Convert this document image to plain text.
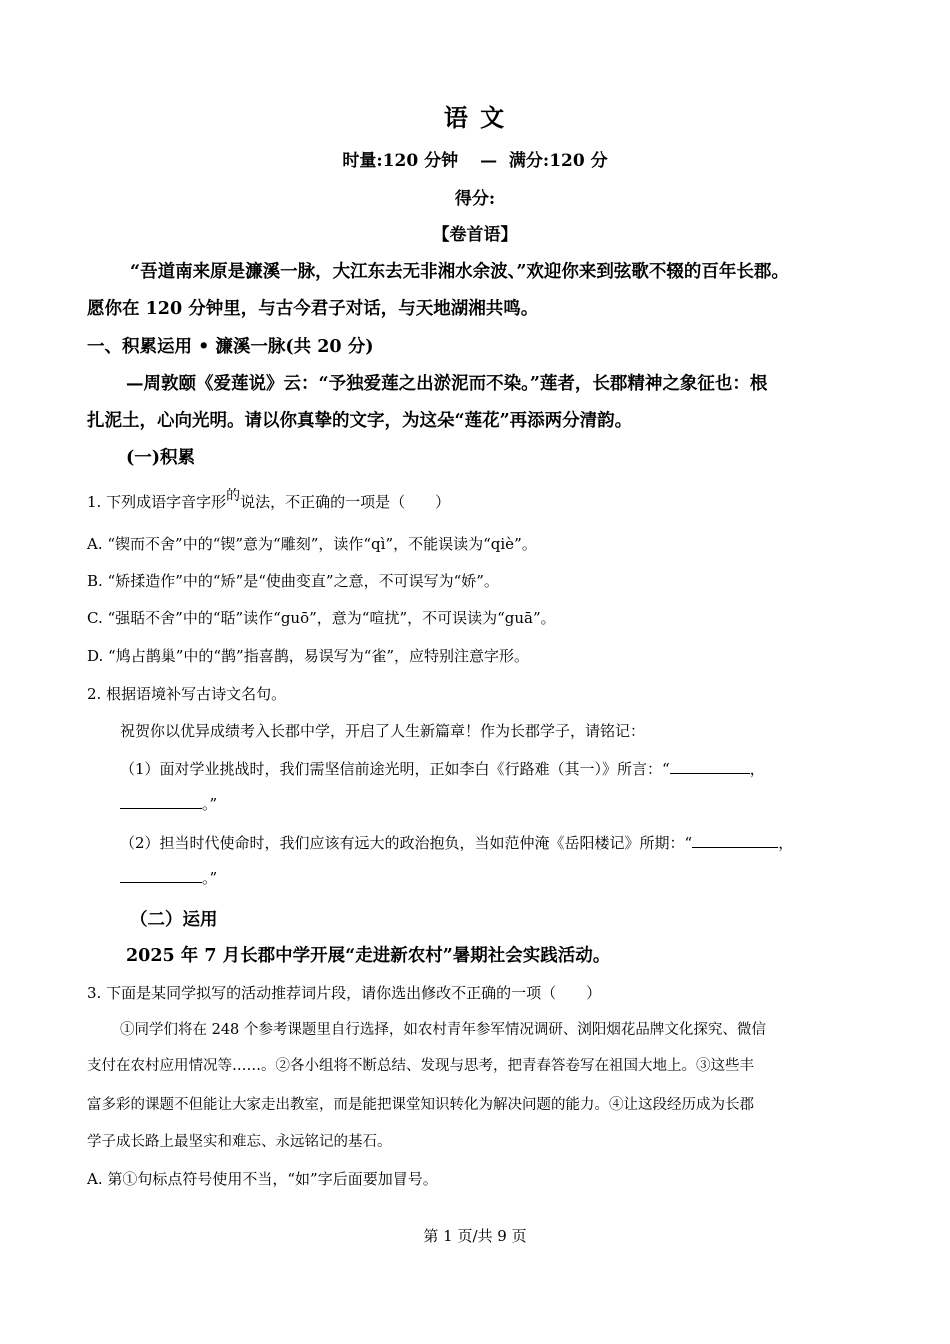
语 文
时量:120 分钟 — 满分:120 分
得分:
【卷首语】
“吾道南来原是濂溪一脉，大江东去无非湘水余波、”欢迎你来到弦歌不辍的百年长郡。
愿你在 120 分钟里，与古今君子对话，与天地湖湘共鸣。
一、积累运用 • 濂溪一脉(共 20 分)
—周敦颐《爱莲说》云：“予独爱莲之出淤泥而不染。”莲者，长郡精神之象征也：根
扎泥土，心向光明。请以你真挚的文字，为这朵“莲花”再添两分清韵。
(一)积累
1. 下列成语字音字形的说法，不正确的一项是（　　）
A. “锲而不舍”中的“锲”意为“雕刻”，读作“qì”，不能误读为“qiè”。
B. “矫揉造作”中的“矫”是“使曲变直”之意，不可误写为“娇”。
C. “强聒不舍”中的“聒”读作“guō”，意为“喧扰”，不可误读为“guā”。
D. “鸠占鹊巢”中的“鹊”指喜鹊，易误写为“雀”，应特别注意字形。
2. 根据语境补写古诗文名句。
祝贺你以优异成绩考入长郡中学，开启了人生新篇章！作为长郡学子，请铭记：
（1）面对学业挑战时，我们需坚信前途光明，正如李白《行路难（其一）》所言：“	，
。”
（2）担当时代使命时，我们应该有远大的政治抱负，当如范仲淹《岳阳楼记》所期：“	，
。”
（二）运用
2025 年 7 月长郡中学开展“走进新农村”暑期社会实践活动。
3. 下面是某同学拟写的活动推荐词片段，请你选出修改不正确的一项（　　）
①同学们将在 248 个参考课题里自行选择，如农村青年参军情况调研、浏阳烟花品牌文化探究、微信
支付在农村应用情况等……。②各小组将不断总结、发现与思考，把青春答卷写在祖国大地上。③这些丰
富多彩的课题不但能让大家走出教室，而是能把课堂知识转化为解决问题的能力。④让这段经历成为长郡
学子成长路上最坚实和难忘、永远铭记的基石。
A. 第①句标点符号使用不当，“如”字后面要加冒号。
第 1 页/共 9 页
